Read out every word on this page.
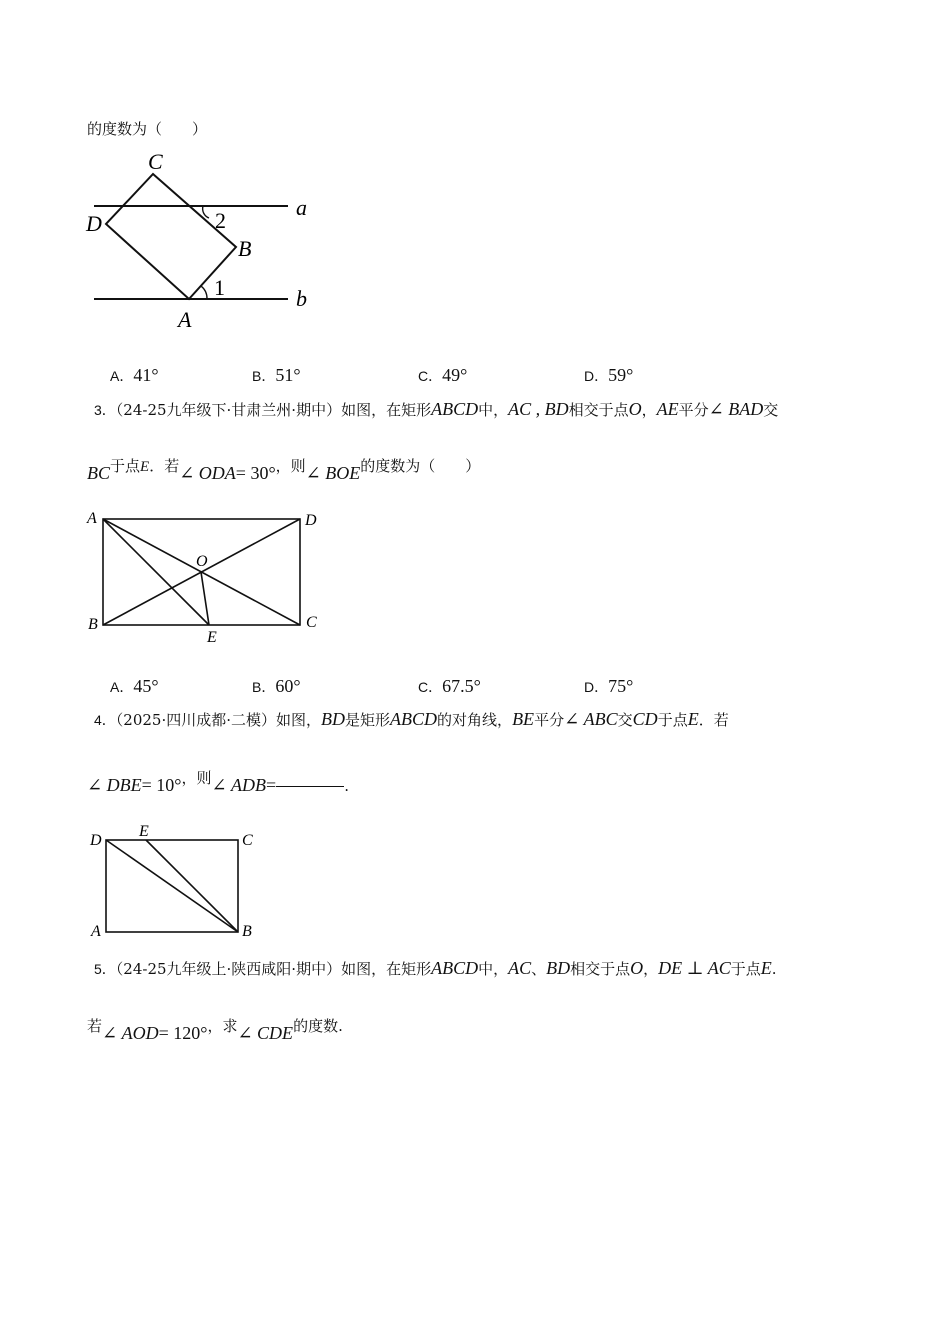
的度数为（　　）
C
D
B
A
a
b
2
1
A．41°	B．51°	C．49°	D．59°
3．（24-25九年级下·甘肃兰州·期中）如图，在矩形ABCD中，AC , BD相交于点O，AE平分∠ BAD交
BC于点E．若∠ ODA= 30°，则∠ BOE的度数为（　　）
A	D
B	C
O
E
A．45°	B．60°	C．67.5°	D．75°
4．（2025·四川成都·二模）如图，BD是矩形ABCD的对角线，BE平分∠ ABC交CD于点E．若
∠ DBE= 10°，则∠ ADB=	.
D
E
C
A	B
5．（24-25九年级上·陕西咸阳·期中）如图，在矩形ABCD中，AC、BD相交于点O，DE ⊥ AC于点E.
若∠ AOD= 120°，求∠ CDE的度数.
